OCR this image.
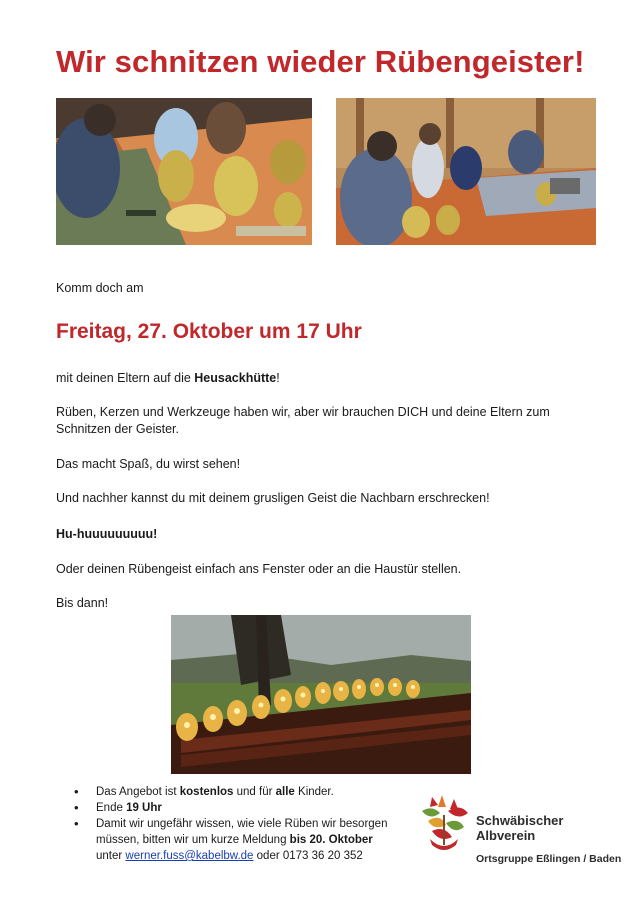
Wir schnitzen wieder Rübengeister!

Komm doch am

Freitag, 27. Oktober um 17 Uhr

mit deinen Eltern auf die Heusackhütte!

Rüben, Kerzen und Werkzeuge haben wir, aber wir brauchen DICH und deine Eltern zum Schnitzen der Geister.

Das macht Spaß, du wirst sehen!

Und nachher kannst du mit deinem grusligen Geist die Nachbarn erschrecken!

Hu-huuuuuuuuu!

Oder deinen Rübengeist einfach ans Fenster oder an die Haustür stellen.

Bis dann!

• Das Angebot ist kostenlos und für alle Kinder.
• Ende 19 Uhr
• Damit wir ungefähr wissen, wie viele Rüben wir besorgen müssen, bitten wir um kurze Meldung bis 20. Oktober unter werner.fuss@kabelbw.de oder 0173 36 20 352
Schwäbischer
Albverein
Ortsgruppe Eßlingen / Baden
